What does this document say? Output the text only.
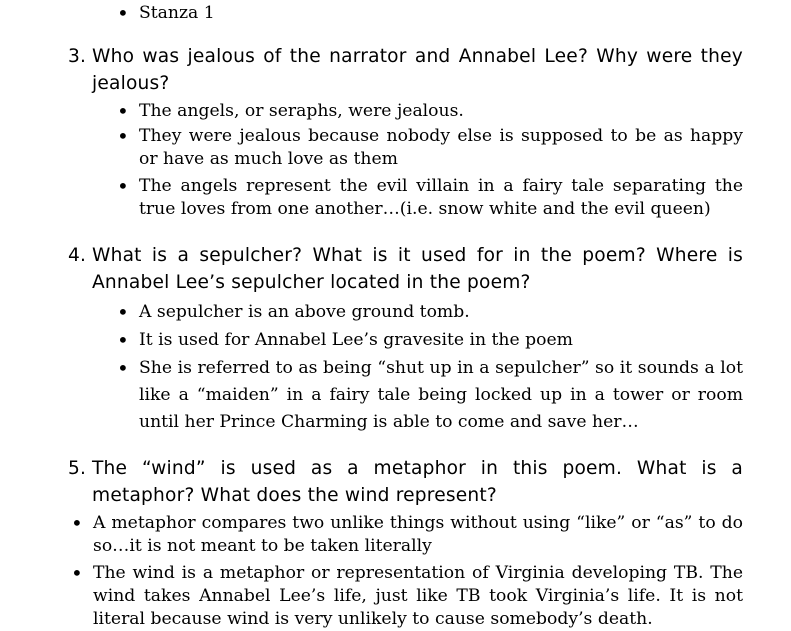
• Stanza 1
3. Who was jealous of the narrator and Annabel Lee? Why were they jealous?
• The angels, or seraphs, were jealous.
• They were jealous because nobody else is supposed to be as happy or have as much love as them
• The angels represent the evil villain in a fairy tale separating the true loves from one another…(i.e. snow white and the evil queen)
4. What is a sepulcher? What is it used for in the poem? Where is Annabel Lee’s sepulcher located in the poem?
• A sepulcher is an above ground tomb.
• It is used for Annabel Lee’s gravesite in the poem
• She is referred to as being “shut up in a sepulcher” so it sounds a lot like a “maiden” in a fairy tale being locked up in a tower or room until her Prince Charming is able to come and save her…
5. The “wind” is used as a metaphor in this poem. What is a metaphor? What does the wind represent?
• A metaphor compares two unlike things without using “like” or “as” to do so…it is not meant to be taken literally
• The wind is a metaphor or representation of Virginia developing TB. The wind takes Annabel Lee’s life, just like TB took Virginia’s life. It is not literal because wind is very unlikely to cause somebody’s death.
